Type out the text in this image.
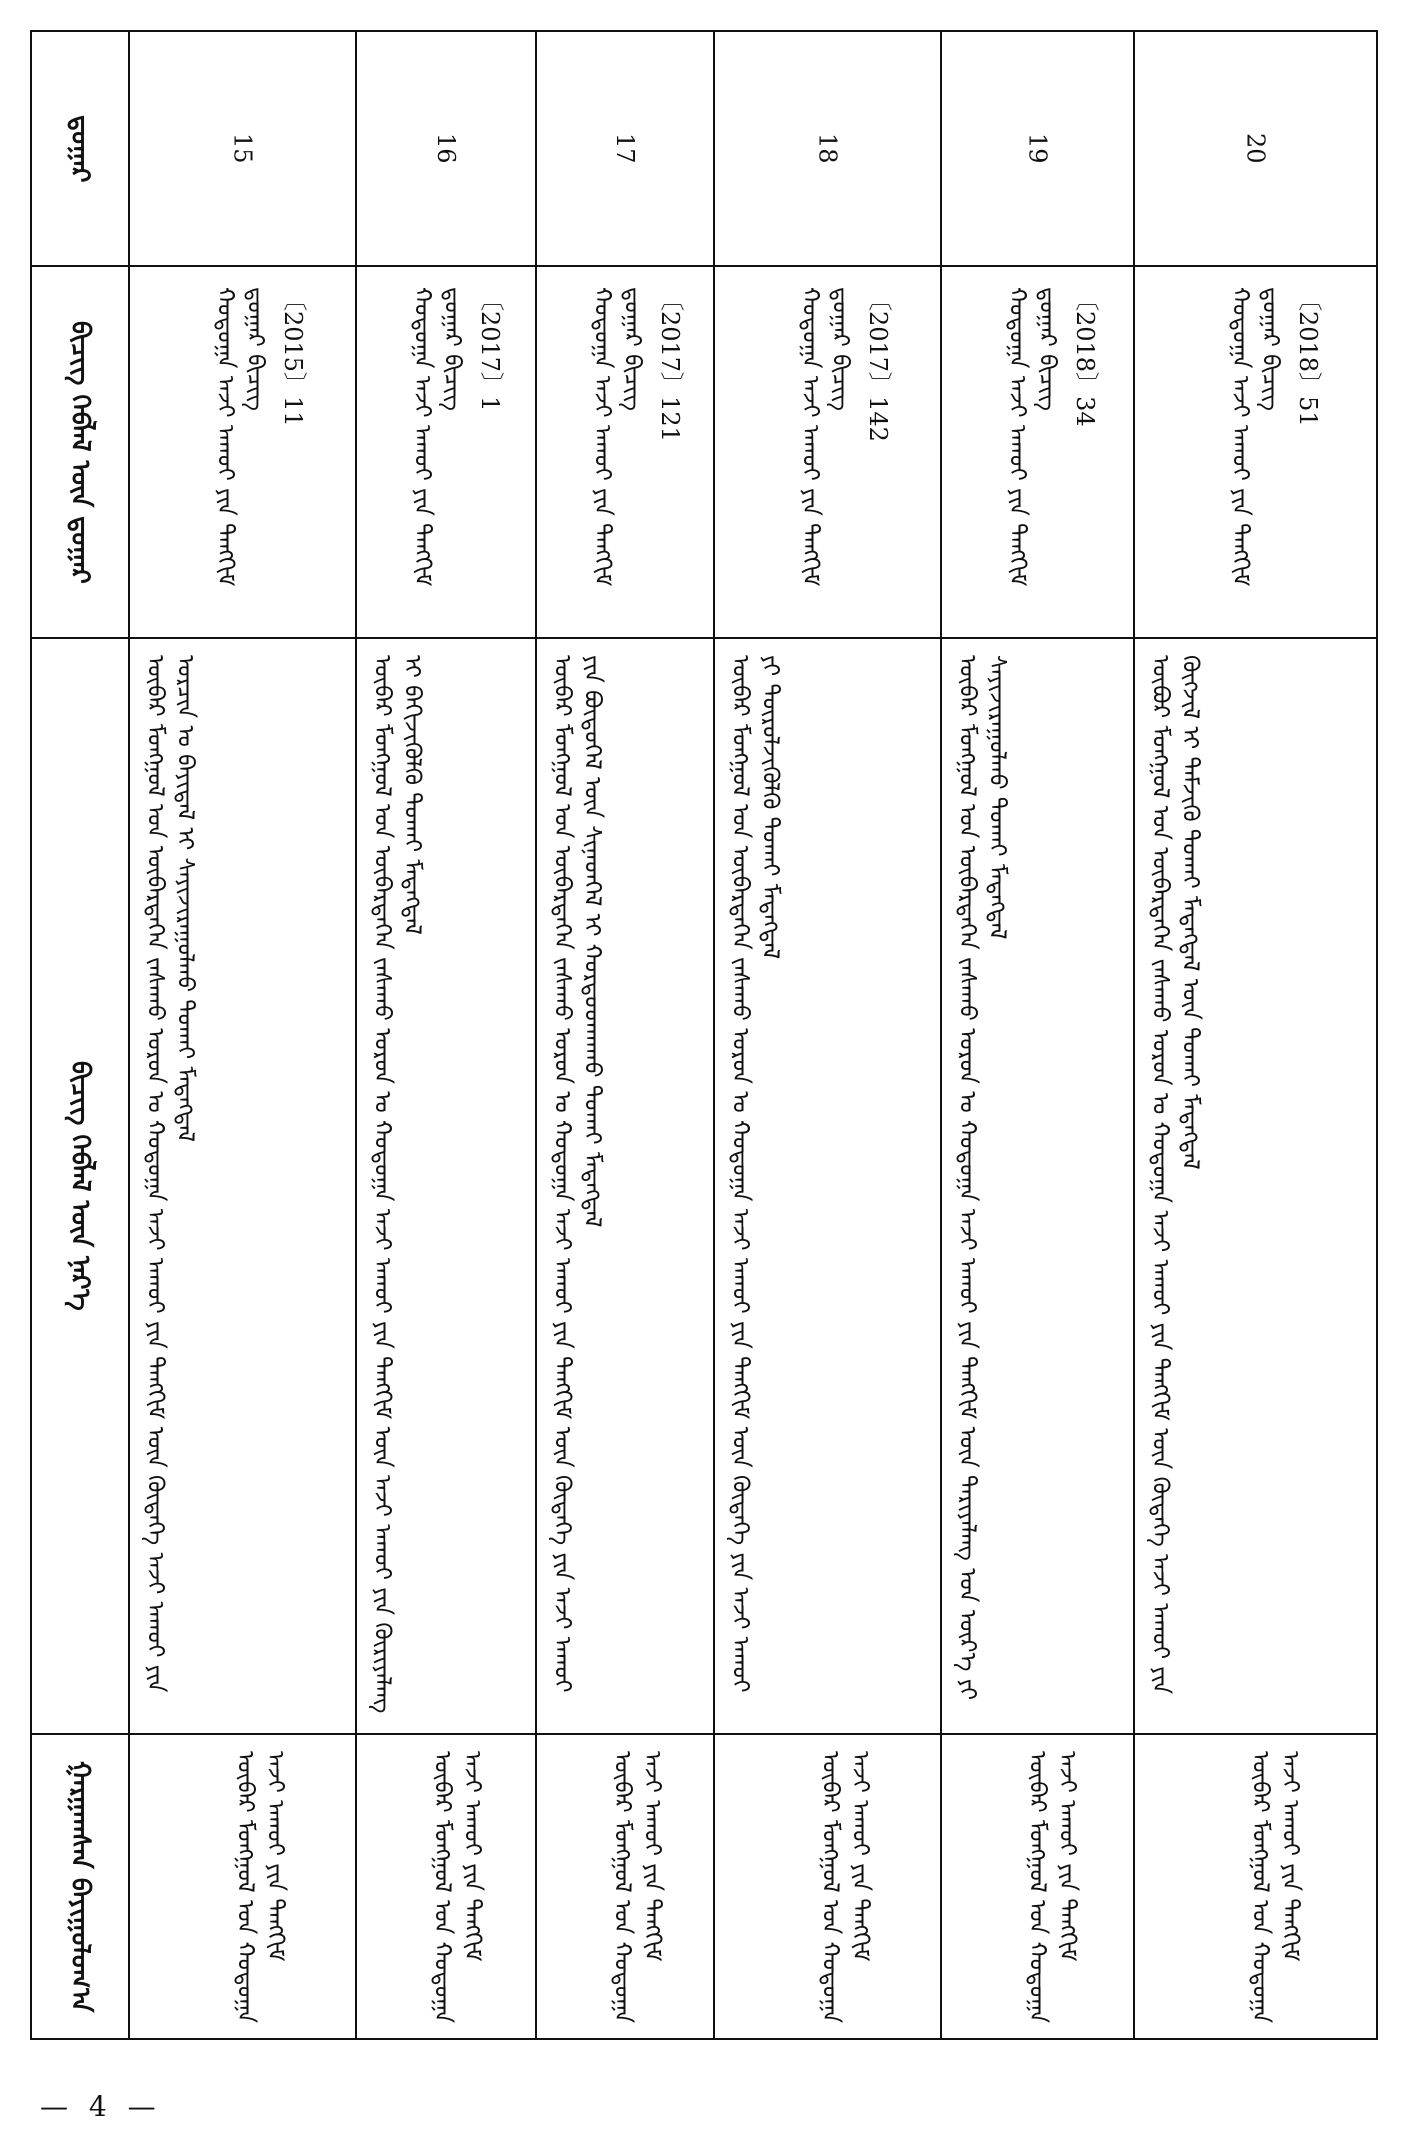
ᠳ᠋ᠤᠭᠠᠷ
ᠪᠢᠴᠢᠭ ᠬᠡᠪᠯᠡᠯ ᠦᠨ ᠳ᠋ᠤᠭᠠᠷ
ᠪᠢᠴᠢᠭ ᠬᠡᠪᠯᠡᠯ ᠦᠨ ᠨᠡᠷ᠎ᠡ
ᠭᠠᠷᠭᠠᠭᠰᠠᠨ ᠪᠠᠶᠢᠭᠤᠯᠤᠭ᠎ᠠ
15
ᠬᠣᠳᠣᠭᠠ ᠠᠵᠢ ᠠᠬᠤᠢ ᠶᠢᠨ ᠲᠡᠩᠬᠢᠮ ᠳ᠋ᠤᠭᠠᠷ ᠪᠢᠴᠢᠭ 〔2015〕11
ᠥᠪᠡᠷ ᠮᠣᠩᠭᠣᠯ ᠤᠨ ᠥᠪᠡᠷᠲᠡᠭᠡᠨ ᠵᠠᠰᠠᠬᠤ ᠣᠷᠣᠨ ᠤ ᠬᠣᠳᠣᠭᠠ ᠠᠵᠢ ᠠᠬᠤᠢ ᠶᠢᠨ ᠲᠡᠩᠬᠢᠮ ᠦᠨ ᠬᠥᠳᠡᠭᠡ ᠠᠵᠢ ᠠᠬᠤᠢ ᠶᠢᠨ ᠣᠷᠴᠢᠨ ᠤ ᠪᠠᠶᠢᠳᠠᠯ ᠢ ᠰᠠᠶᠢᠵᠢᠷᠠᠭᠤᠯᠬᠤ ᠲᠤᠬᠠᠢ ᠮᠡᠳᠡᠭᠳᠡᠯ
ᠥᠪᠡᠷ ᠮᠣᠩᠭᠣᠯ ᠤᠨ ᠬᠣᠳᠣᠭᠠ ᠠᠵᠢ ᠠᠬᠤᠢ ᠶᠢᠨ ᠲᠡᠩᠬᠢᠮ
16
ᠬᠣᠳᠣᠭᠠ ᠠᠵᠢ ᠠᠬᠤᠢ ᠶᠢᠨ ᠲᠡᠩᠬᠢᠮ ᠳ᠋ᠤᠭᠠᠷ ᠪᠢᠴᠢᠭ 〔2017〕1
ᠥᠪᠡᠷ ᠮᠣᠩᠭᠣᠯ ᠤᠨ ᠥᠪᠡᠷᠲᠡᠭᠡᠨ ᠵᠠᠰᠠᠬᠤ ᠣᠷᠣᠨ ᠤ ᠬᠣᠳᠣᠭᠠ ᠠᠵᠢ ᠠᠬᠤᠢ ᠶᠢᠨ ᠲᠡᠩᠬᠢᠮ ᠦᠨ ᠠᠵᠢ ᠠᠬᠤᠢ ᠶᠢᠨ ᠬᠦᠷᠢᠶᠡᠯᠡᠩ ᠢ ᠪᠡᠬᠢᠵᠢᠭᠦᠯᠬᠦ ᠲᠤᠬᠠᠢ ᠮᠡᠳᠡᠭᠳᠡᠯ
ᠥᠪᠡᠷ ᠮᠣᠩᠭᠣᠯ ᠤᠨ ᠬᠣᠳᠣᠭᠠ ᠠᠵᠢ ᠠᠬᠤᠢ ᠶᠢᠨ ᠲᠡᠩᠬᠢᠮ
17
ᠬᠣᠳᠣᠭᠠ ᠠᠵᠢ ᠠᠬᠤᠢ ᠶᠢᠨ ᠲᠡᠩᠬᠢᠮ ᠳ᠋ᠤᠭᠠᠷ ᠪᠢᠴᠢᠭ 〔2017〕121
ᠥᠪᠡᠷ ᠮᠣᠩᠭᠣᠯ ᠤᠨ ᠥᠪᠡᠷᠲᠡᠭᠡᠨ ᠵᠠᠰᠠᠬᠤ ᠣᠷᠣᠨ ᠤ ᠬᠣᠳᠣᠭᠠ ᠠᠵᠢ ᠠᠬᠤᠢ ᠶᠢᠨ ᠲᠡᠩᠬᠢᠮ ᠦᠨ ᠬᠥᠳᠡᠭᠡ ᠶᠢᠨ ᠠᠵᠢ ᠠᠬᠤᠢ ᠶᠢᠨ ᠪᠦᠲᠦᠭᠡᠯ ᠦᠨ ᠰᠢᠨᠡᠳᠬᠡᠯ ᠢ ᠬᠤᠷᠳᠤᠳᠬᠠᠬᠤ ᠲᠤᠬᠠᠢ ᠮᠡᠳᠡᠭᠳᠡᠯ
ᠥᠪᠡᠷ ᠮᠣᠩᠭᠣᠯ ᠤᠨ ᠬᠣᠳᠣᠭᠠ ᠠᠵᠢ ᠠᠬᠤᠢ ᠶᠢᠨ ᠲᠡᠩᠬᠢᠮ
18
ᠬᠣᠳᠣᠭᠠ ᠠᠵᠢ ᠠᠬᠤᠢ ᠶᠢᠨ ᠲᠡᠩᠬᠢᠮ ᠳ᠋ᠤᠭᠠᠷ ᠪᠢᠴᠢᠭ 〔2017〕142
ᠥᠪᠡᠷ ᠮᠣᠩᠭᠣᠯ ᠤᠨ ᠥᠪᠡᠷᠲᠡᠭᠡᠨ ᠵᠠᠰᠠᠬᠤ ᠣᠷᠣᠨ ᠤ ᠬᠣᠳᠣᠭᠠ ᠠᠵᠢ ᠠᠬᠤᠢ ᠶᠢᠨ ᠲᠡᠩᠬᠢᠮ ᠦᠨ ᠬᠥᠳᠡᠭᠡ ᠶᠢᠨ ᠠᠵᠢ ᠠᠬᠤᠢ ᠶᠢ ᠲᠥᠷᠦᠯᠵᠢᠭᠦᠯᠬᠦ ᠲᠤᠬᠠᠢ ᠮᠡᠳᠡᠭᠳᠡᠯ
ᠥᠪᠡᠷ ᠮᠣᠩᠭᠣᠯ ᠤᠨ ᠬᠣᠳᠣᠭᠠ ᠠᠵᠢ ᠠᠬᠤᠢ ᠶᠢᠨ ᠲᠡᠩᠬᠢᠮ
19
ᠬᠣᠳᠣᠭᠠ ᠠᠵᠢ ᠠᠬᠤᠢ ᠶᠢᠨ ᠲᠡᠩᠬᠢᠮ ᠳ᠋ᠤᠭᠠᠷ ᠪᠢᠴᠢᠭ 〔2018〕34
ᠥᠪᠡᠷ ᠮᠣᠩᠭᠣᠯ ᠤᠨ ᠥᠪᠡᠷᠲᠡᠭᠡᠨ ᠵᠠᠰᠠᠬᠤ ᠣᠷᠣᠨ ᠤ ᠬᠣᠳᠣᠭᠠ ᠠᠵᠢ ᠠᠬᠤᠢ ᠶᠢᠨ ᠲᠡᠩᠬᠢᠮ ᠦᠨ ᠲᠠᠷᠢᠶᠠᠯᠠᠩ ᠤᠨ ᠦᠷ᠎ᠡ ᠶᠢ ᠰᠠᠶᠢᠵᠢᠷᠠᠭᠤᠯᠬᠤ ᠲᠤᠬᠠᠢ ᠮᠡᠳᠡᠭᠳᠡᠯ
ᠥᠪᠡᠷ ᠮᠣᠩᠭᠣᠯ ᠤᠨ ᠬᠣᠳᠣᠭᠠ ᠠᠵᠢ ᠠᠬᠤᠢ ᠶᠢᠨ ᠲᠡᠩᠬᠢᠮ
20
ᠬᠣᠳᠣᠭᠠ ᠠᠵᠢ ᠠᠬᠤᠢ ᠶᠢᠨ ᠲᠡᠩᠬᠢᠮ ᠳ᠋ᠤᠭᠠᠷ ᠪᠢᠴᠢᠭ 〔2018〕51
ᠦᠪᠦᠷ ᠮᠣᠩᠭᠣᠯ ᠤᠨ ᠥᠪᠡᠷᠲᠡᠭᠡᠨ ᠵᠠᠰᠠᠬᠤ ᠣᠷᠣᠨ ᠤ ᠬᠣᠳᠣᠭᠠ ᠠᠵᠢ ᠠᠬᠤᠢ ᠶᠢᠨ ᠲᠡᠩᠬᠢᠮ ᠦᠨ ᠬᠦᠳᠡᠭᠡ ᠠᠵᠢ ᠠᠬᠤᠢ ᠶᠢᠨ ᠬᠥᠭᠵᠢᠯ ᠢ ᠳᠡᠮᠵᠢᠬᠦ ᠲᠤᠬᠠᠢ ᠮᠡᠳᠡᠭᠳᠡᠯ ᠦᠨ ᠲᠤᠬᠠᠢ ᠮᠡᠳᠡᠭᠳᠡᠯ
ᠥᠪᠡᠷ ᠮᠣᠩᠭᠣᠯ ᠤᠨ ᠬᠣᠳᠣᠭᠠ ᠠᠵᠢ ᠠᠬᠤᠢ ᠶᠢᠨ ᠲᠡᠩᠬᠢᠮ
— 4 —
